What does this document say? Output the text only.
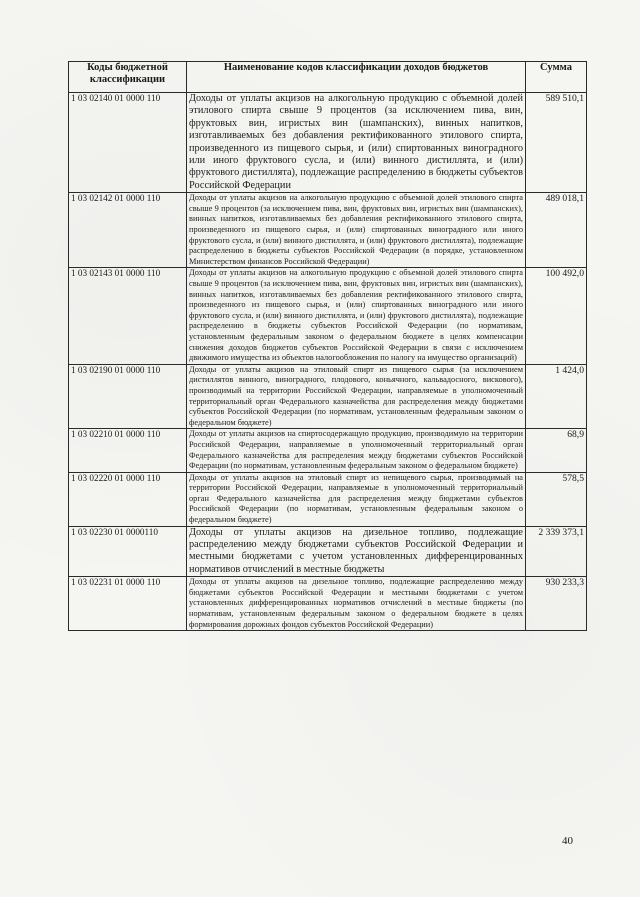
Коды бюджетной классификации	Наименование кодов классификации доходов бюджетов	Сумма
1 03 02140 01 0000 110	Доходы от уплаты акцизов на алкогольную продукцию с объемной долей этилового спирта свыше 9 процентов (за исключением пива, вин, фруктовых вин, игристых вин (шампанских), винных напитков, изготавливаемых без добавления ректификованного этилового спирта, произведенного из пищевого сырья, и (или) спиртованных виноградного или иного фруктового сусла, и (или) винного дистиллята, и (или) фруктового дистиллята), подлежащие распределению в бюджеты субъектов Российской Федерации	589 510,1
1 03 02142 01 0000 110	Доходы от уплаты акцизов на алкогольную продукцию с объемной долей этилового спирта свыше 9 процентов (за исключением пива, вин, фруктовых вин, игристых вин (шампанских), винных напитков, изготавливаемых без добавления ректификованного этилового спирта, произведенного из пищевого сырья, и (или) спиртованных виноградного или иного фруктового сусла, и (или) винного дистиллята, и (или) фруктового дистиллята), подлежащие распределению в бюджеты субъектов Российской Федерации (в порядке, установленном Министерством финансов Российской Федерации)	489 018,1
1 03 02143 01 0000 110	Доходы от уплаты акцизов на алкогольную продукцию с объемной долей этилового спирта свыше 9 процентов (за исключением пива, вин, фруктовых вин, игристых вин (шампанских), винных напитков, изготавливаемых без добавления ректификованного этилового спирта, произведенного из пищевого сырья, и (или) спиртованных виноградного или иного фруктового сусла, и (или) винного дистиллята, и (или) фруктового дистиллята), подлежащие распределению в бюджеты субъектов Российской Федерации (по нормативам, установленным федеральным законом о федеральном бюджете в целях компенсации снижения доходов бюджетов субъектов Российской Федерации в связи с исключением движимого имущества из объектов налогообложения по налогу на имущество организаций)	100 492,0
1 03 02190 01 0000 110	Доходы от уплаты акцизов на этиловый спирт из пищевого сырья (за исключением дистиллятов винного, виноградного, плодового, коньячного, кальвадосного, вискового), производимый на территории Российской Федерации, направляемые в уполномоченный территориальный орган Федерального казначейства для распределения между бюджетами субъектов Российской Федерации (по нормативам, установленным федеральным законом о федеральном бюджете)	1 424,0
1 03 02210 01 0000 110	Доходы от уплаты акцизов на спиртосодержащую продукцию, производимую на территории Российской Федерации, направляемые в уполномоченный территориальный орган Федерального казначейства для распределения между бюджетами субъектов Российской Федерации (по нормативам, установленным федеральным законом о федеральном бюджете)	68,9
1 03 02220 01 0000 110	Доходы от уплаты акцизов на этиловый спирт из непищевого сырья, производимый на территории Российской Федерации, направляемые в уполномоченный территориальный орган Федерального казначейства для распределения между бюджетами субъектов Российской Федерации (по нормативам, установленным федеральным законом о федеральном бюджете)	578,5
1 03 02230 01 0000110	Доходы от уплаты акцизов на дизельное топливо, подлежащие распределению между бюджетами субъектов Российской Федерации и местными бюджетами с учетом установленных дифференцированных нормативов отчислений в местные бюджеты	2 339 373,1
1 03 02231 01 0000 110	Доходы от уплаты акцизов на дизельное топливо, подлежащие распределению между бюджетами субъектов Российской Федерации и местными бюджетами с учетом установленных дифференцированных нормативов отчислений в местные бюджеты (по нормативам, установленным федеральным законом о федеральном бюджете в целях формирования дорожных фондов субъектов Российской Федерации)	930 233,3
40
